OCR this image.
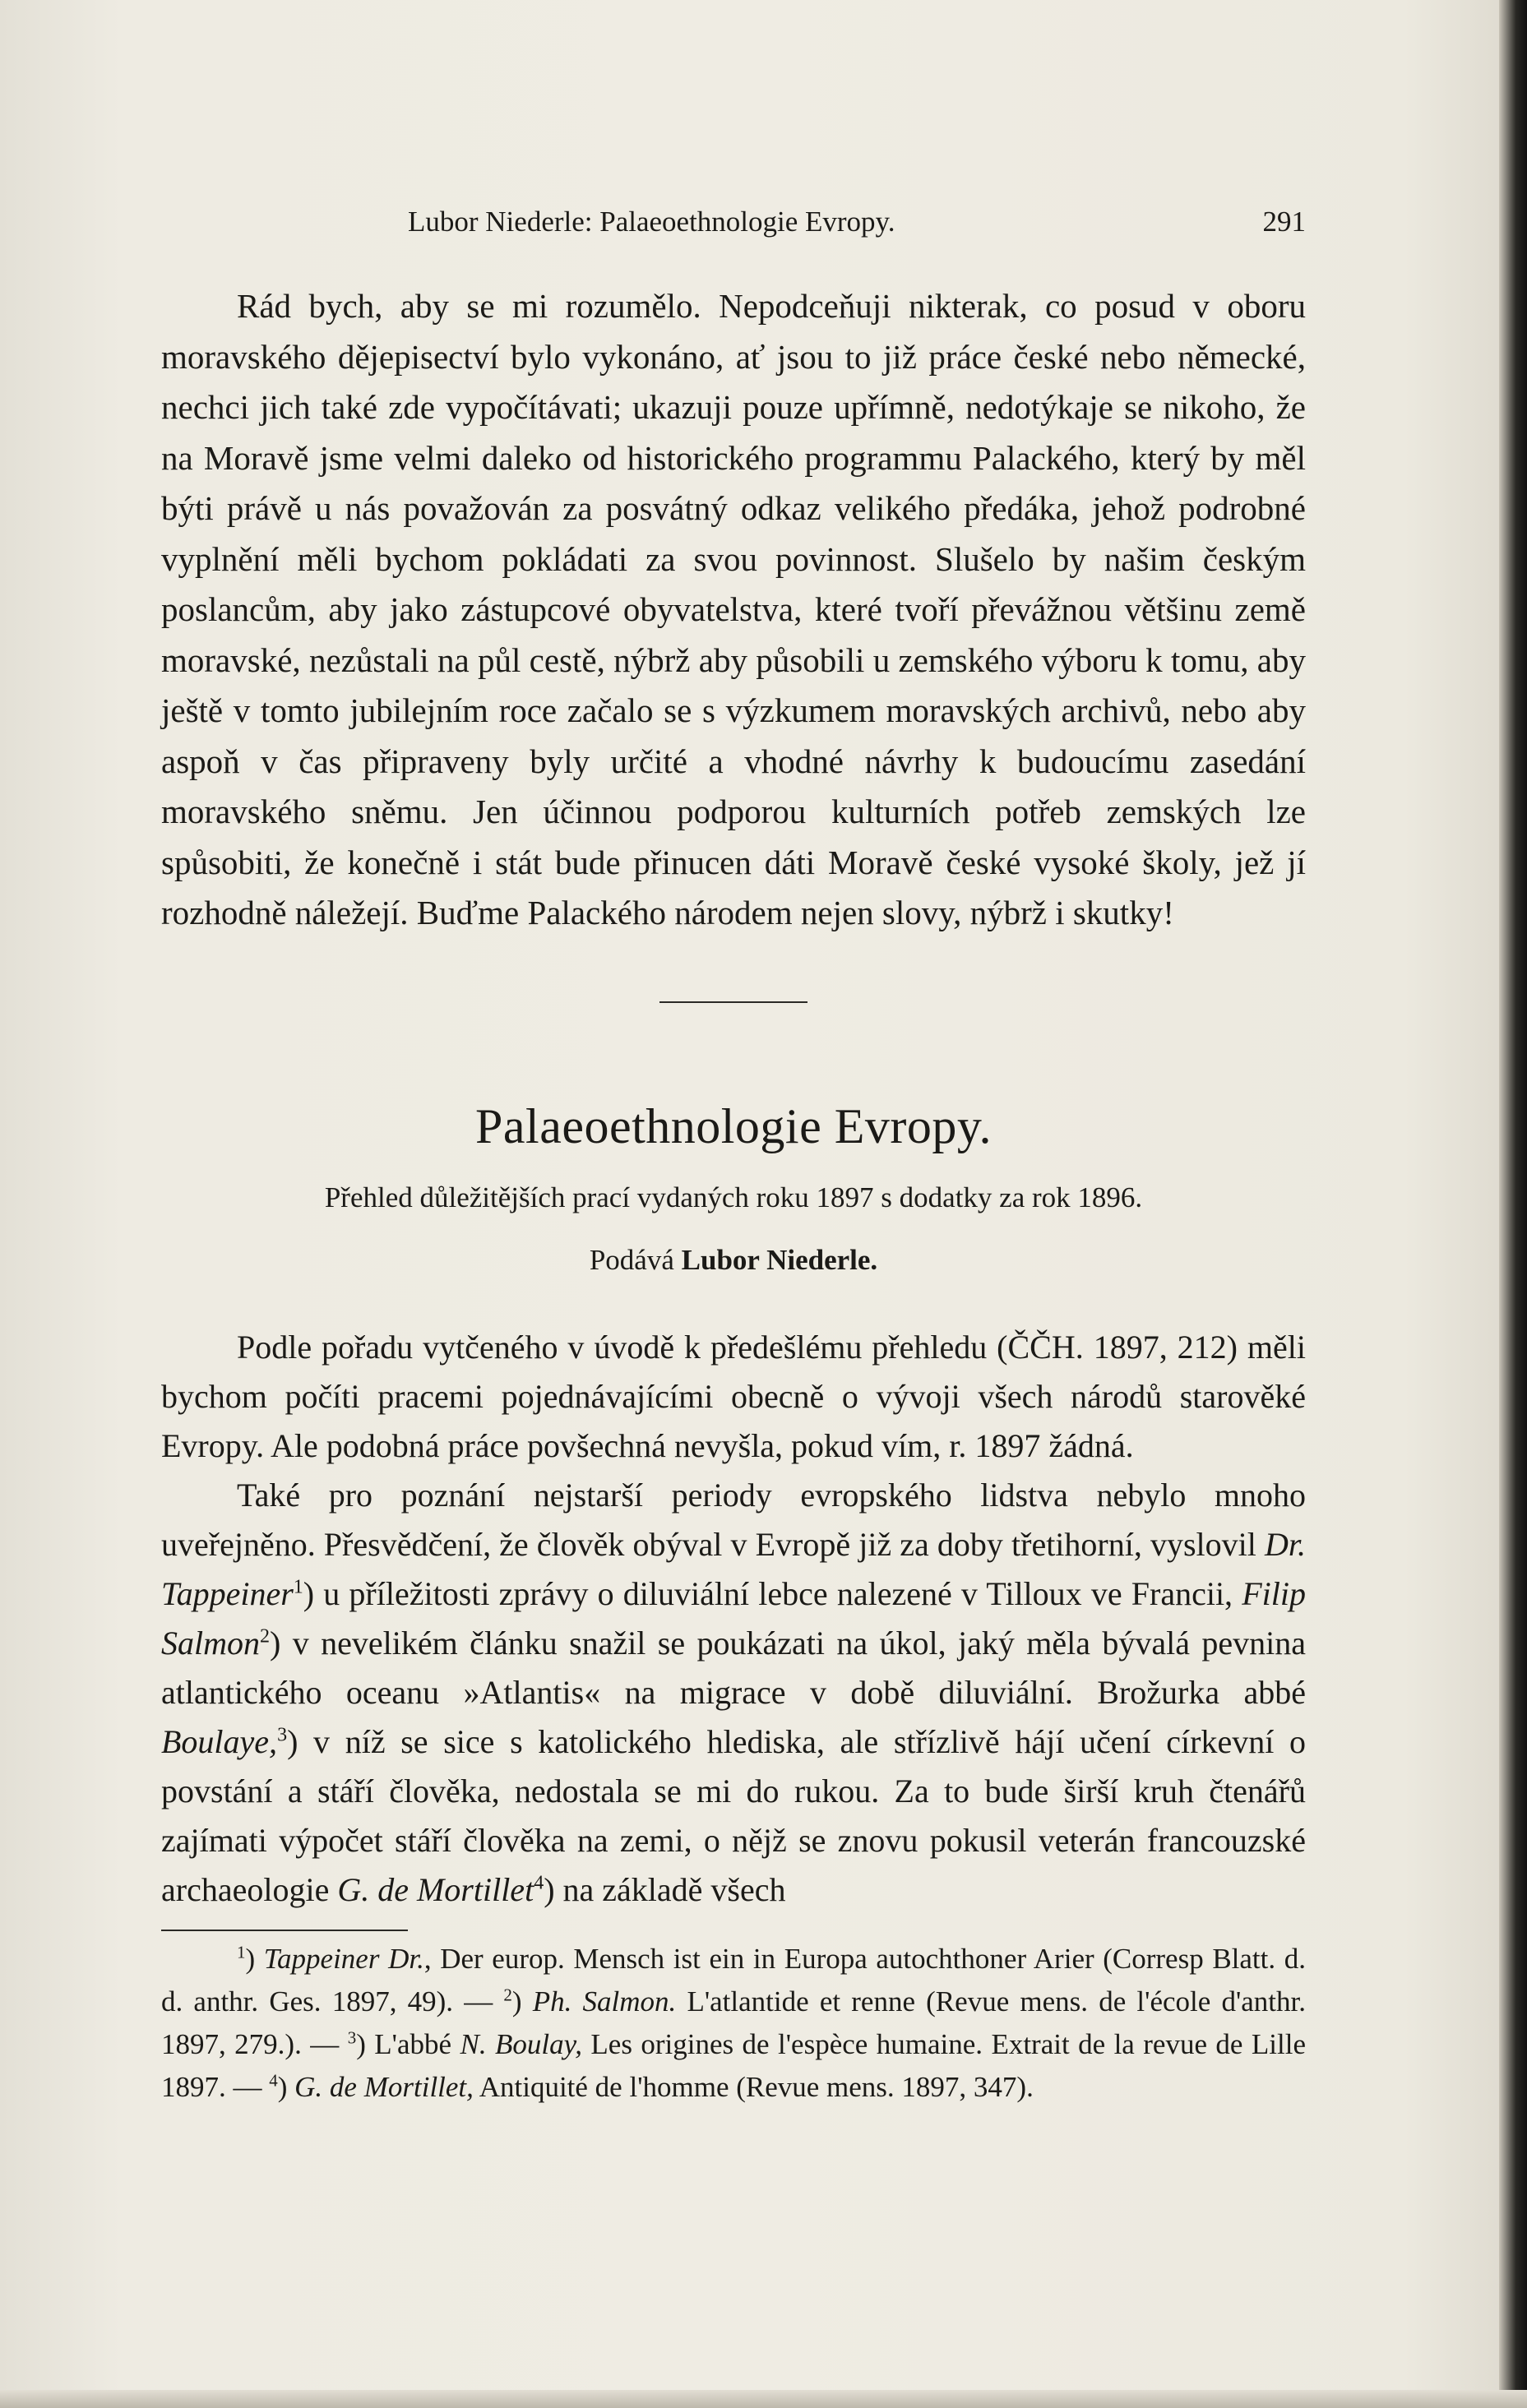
Lubor Niederle: Palaeoethnologie Evropy.	291

Rád bych, aby se mi rozumělo. Nepodceňuji nikterak, co posud v oboru moravského dějepisectví bylo vykonáno, ať jsou to již práce české nebo německé, nechci jich také zde vypočítávati; ukazuji pouze upřímně, nedotýkaje se nikoho, že na Moravě jsme velmi daleko od historického programmu Palackého, který by měl býti právě u nás považován za posvátný odkaz velikého předáka, jehož podrobné vyplnění měli bychom pokládati za svou povinnost. Slušelo by našim českým poslancům, aby jako zástupcové obyvatelstva, které tvoří převážnou většinu země moravské, nezůstali na půl cestě, nýbrž aby působili u zemského výboru k tomu, aby ještě v tomto jubilejním roce začalo se s výzkumem moravských archivů, nebo aby aspoň v čas připraveny byly určité a vhodné návrhy k budoucímu zasedání moravského sněmu. Jen účinnou podporou kulturních potřeb zemských lze spůsobiti, že konečně i stát bude přinucen dáti Moravě české vysoké školy, jež jí rozhodně náležejí. Buďme Palackého národem nejen slovy, nýbrž i skutky!

Palaeoethnologie Evropy.
Přehled důležitějších prací vydaných roku 1897 s dodatky za rok 1896.
Podává Lubor Niederle.

Podle pořadu vytčeného v úvodě k předešlému přehledu (ČČH. 1897, 212) měli bychom počíti pracemi pojednávajícími obecně o vývoji všech národů starověké Evropy. Ale podobná práce povšechná nevyšla, pokud vím, r. 1897 žádná.

Také pro poznání nejstarší periody evropského lidstva nebylo mnoho uveřejněno. Přesvědčení, že člověk obýval v Evropě již za doby třetihorní, vyslovil Dr. Tappeiner$^1$) u příležitosti zprávy o diluviální lebce nalezené v Tilloux ve Francii, Filip Salmon$^2$) v nevelikém článku snažil se poukázati na úkol, jaký měla bývalá pevnina atlantického oceanu »Atlantis« na migrace v době diluviální. Brožurka abbé Boulaye,$^3$) v níž se sice s katolického hlediska, ale střízlivě hájí učení církevní o povstání a stáří člověka, nedostala se mi do rukou. Za to bude širší kruh čtenářů zajímati výpočet stáří člověka na zemi, o nějž se znovu pokusil veterán francouzské archaeologie G. de Mortillet$^4$) na základě všech

$^1$) Tappeiner Dr., Der europ. Mensch ist ein in Europa autochthoner Arier (Corresp Blatt. d. d. anthr. Ges. 1897, 49). — $^2$) Ph. Salmon. L'atlantide et renne (Revue mens. de l'école d'anthr. 1897, 279.). — $^3$) L'abbé N. Boulay, Les origines de l'espèce humaine. Extrait de la revue de Lille 1897. — $^4$) G. de Mortillet, Antiquité de l'homme (Revue mens. 1897, 347).
